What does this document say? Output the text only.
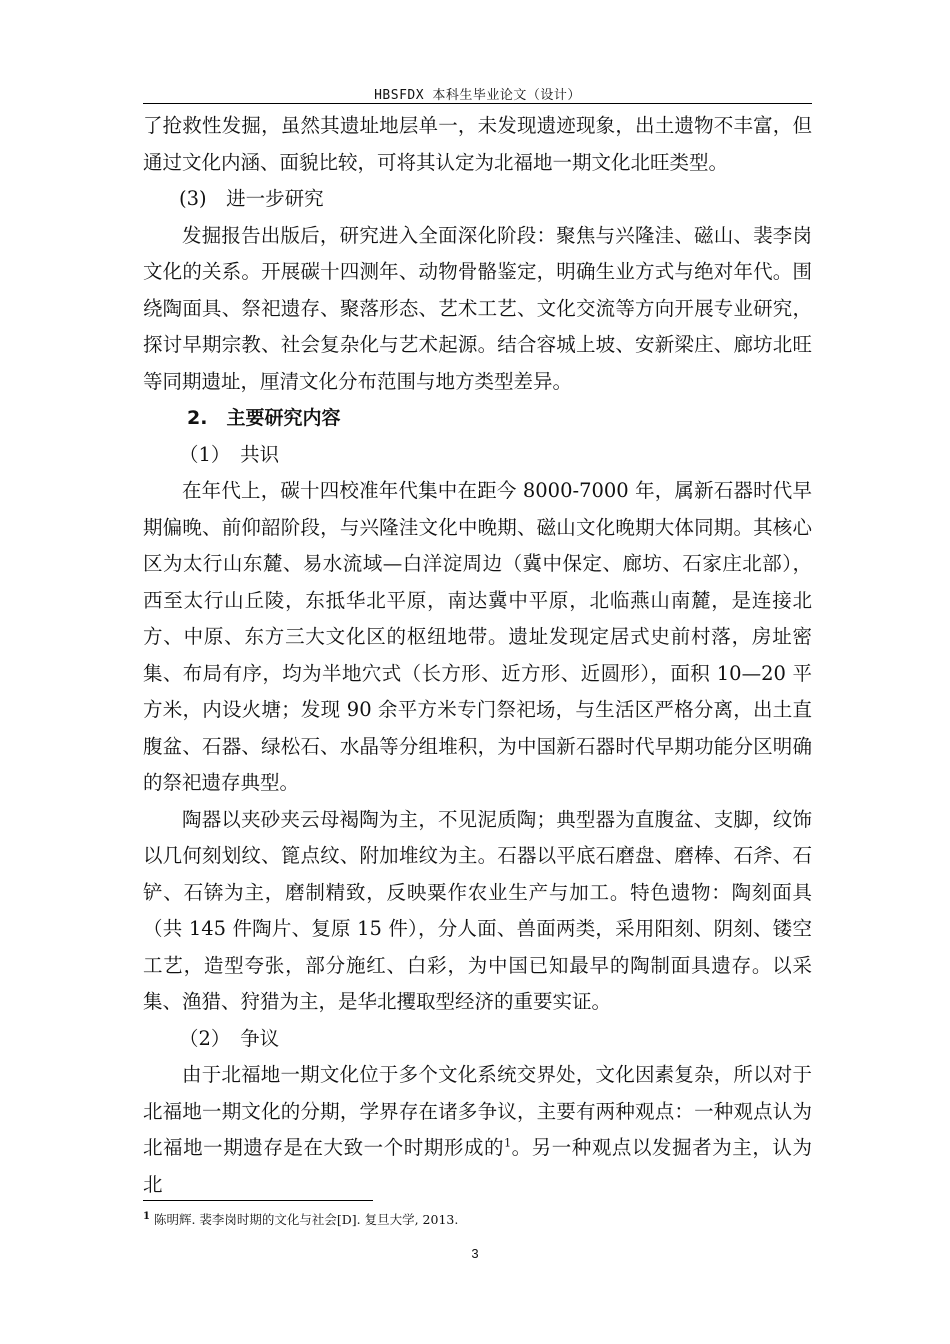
HBSFDX 本科生毕业论文（设计）

了抢救性发掘，虽然其遗址地层单一，未发现遗迹现象，出土遗物不丰富，但通过文化内涵、面貌比较，可将其认定为北福地一期文化北旺类型。

(3)　进一步研究

发掘报告出版后，研究进入全面深化阶段：聚焦与兴隆洼、磁山、裴李岗文化的关系。开展碳十四测年、动物骨骼鉴定，明确生业方式与绝对年代。围绕陶面具、祭祀遗存、聚落形态、艺术工艺、文化交流等方向开展专业研究，探讨早期宗教、社会复杂化与艺术起源。结合容城上坡、安新梁庄、廊坊北旺等同期遗址，厘清文化分布范围与地方类型差异。

2.　主要研究内容

（1）　共识

在年代上，碳十四校准年代集中在距今 8000-7000 年，属新石器时代早期偏晚、前仰韶阶段，与兴隆洼文化中晚期、磁山文化晚期大体同期。其核心区为太行山东麓、易水流域—白洋淀周边（冀中保定、廊坊、石家庄北部），西至太行山丘陵，东抵华北平原，南达冀中平原，北临燕山南麓，是连接北方、中原、东方三大文化区的枢纽地带。遗址发现定居式史前村落，房址密集、布局有序，均为半地穴式（长方形、近方形、近圆形），面积 10—20 平方米，内设火塘；发现 90 余平方米专门祭祀场，与生活区严格分离，出土直腹盆、石器、绿松石、水晶等分组堆积，为中国新石器时代早期功能分区明确的祭祀遗存典型。

陶器以夹砂夹云母褐陶为主，不见泥质陶；典型器为直腹盆、支脚，纹饰以几何刻划纹、篦点纹、附加堆纹为主。石器以平底石磨盘、磨棒、石斧、石铲、石锛为主，磨制精致，反映粟作农业生产与加工。特色遗物：陶刻面具（共 145 件陶片、复原 15 件），分人面、兽面两类，采用阳刻、阴刻、镂空工艺，造型夸张，部分施红、白彩，为中国已知最早的陶制面具遗存。以采集、渔猎、狩猎为主，是华北攫取型经济的重要实证。

（2）　争议

由于北福地一期文化位于多个文化系统交界处，文化因素复杂，所以对于北福地一期文化的分期，学界存在诸多争议，主要有两种观点：一种观点认为北福地一期遗存是在大致一个时期形成的$^1$。另一种观点以发掘者为主，认为北

$^1$ 陈明辉. 裴李岗时期的文化与社会[D]. 复旦大学, 2013.
3
